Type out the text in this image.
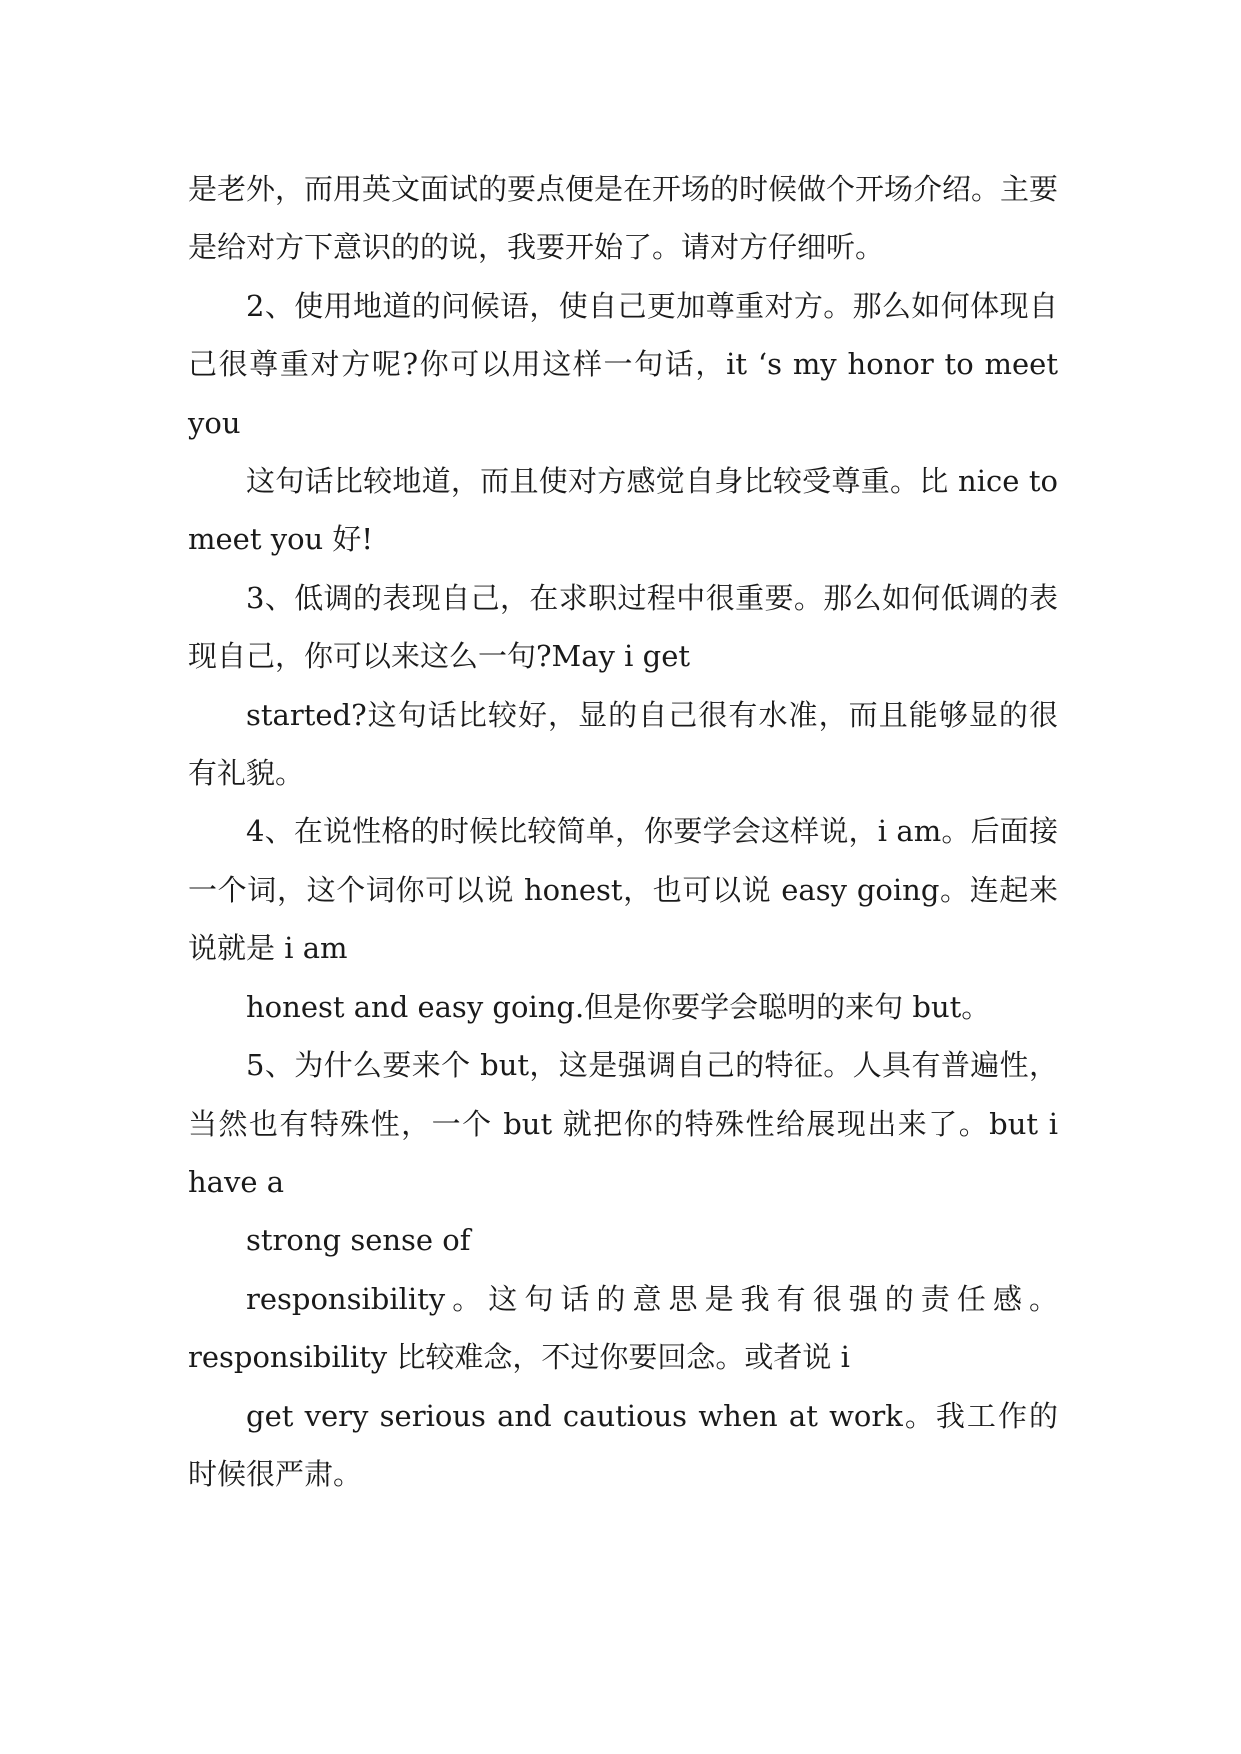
是老外，而用英文面试的要点便是在开场的时候做个开场介绍。主要是给对方下意识的的说，我要开始了。请对方仔细听。

2、使用地道的问候语，使自己更加尊重对方。那么如何体现自己很尊重对方呢?你可以用这样一句话，it ‘s my honor to meet you

这句话比较地道，而且使对方感觉自身比较受尊重。比 nice to meet you 好!

3、低调的表现自己，在求职过程中很重要。那么如何低调的表现自己，你可以来这么一句?May i get

started?这句话比较好，显的自己很有水准，而且能够显的很有礼貌。

4、在说性格的时候比较简单，你要学会这样说，i am。后面接一个词，这个词你可以说 honest，也可以说 easy going。连起来说就是 i am

honest and easy going.但是你要学会聪明的来句 but。

5、为什么要来个 but，这是强调自己的特征。人具有普遍性，当然也有特殊性，一个 but 就把你的特殊性给展现出来了。but i have a

strong sense of

responsibility。这句话的意思是我有很强的责任感。responsibility 比较难念，不过你要回念。或者说 i

get very serious and cautious when at work。我工作的时候很严肃。
